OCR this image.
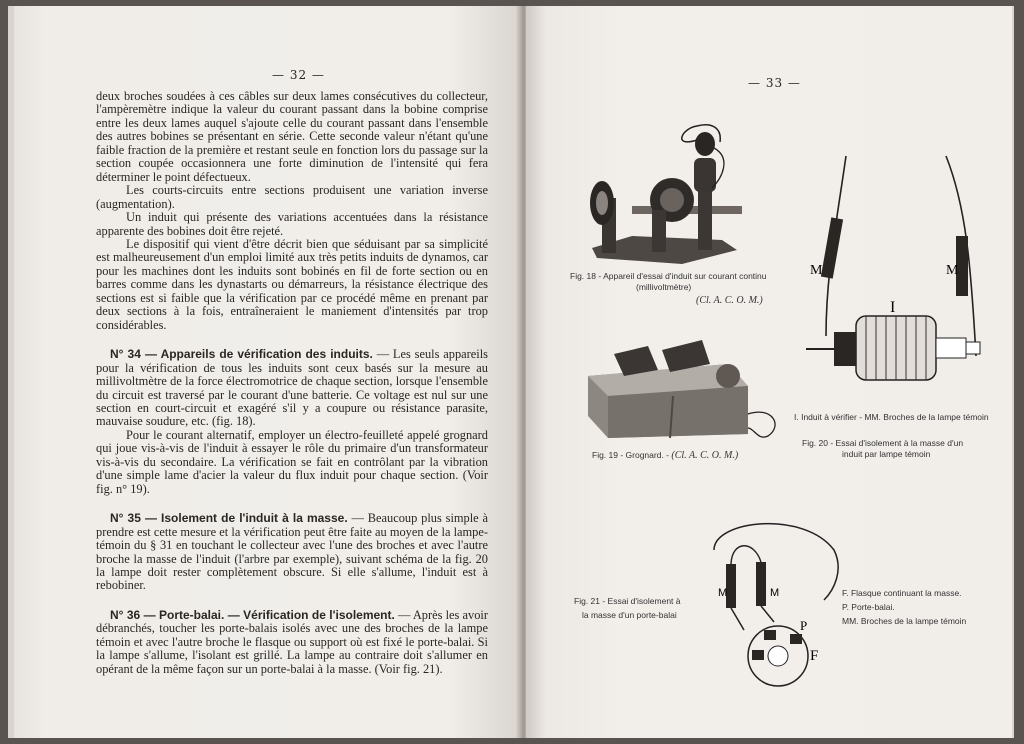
— 32 —

deux broches soudées à ces câbles sur deux lames consécutives du collecteur, l'ampèremètre indique la valeur du courant passant dans la bobine comprise entre les deux lames auquel s'ajoute celle du courant passant dans l'ensemble des autres bobines se présentant en série. Cette seconde valeur n'étant qu'une faible fraction de la première et restant seule en fonction lors du passage sur la section coupée occasionnera une forte diminution de l'intensité qui fera déterminer le point défectueux.

Les courts-circuits entre sections produisent une variation inverse (augmentation).

Un induit qui présente des variations accentuées dans la résistance apparente des bobines doit être rejeté.

Le dispositif qui vient d'être décrit bien que séduisant par sa simplicité est malheureusement d'un emploi limité aux très petits induits de dynamos, car pour les machines dont les induits sont bobinés en fil de forte section ou en barres comme dans les dynastarts ou démarreurs, la résistance électrique des sections est si faible que la vérification par ce procédé même en prenant par deux sections à la fois, entraîneraient le maniement d'intensités par trop considérables.

N° 34 — Appareils de vérification des induits. — Les seuls appareils pour la vérification de tous les induits sont ceux basés sur la mesure au millivoltmètre de la force électromotrice de chaque section, lorsque l'ensemble du circuit est traversé par le courant d'une batterie. Ce voltage est nul sur une section en court-circuit et exagéré s'il y a coupure ou résistance parasite, mauvaise soudure, etc. (fig. 18).

Pour le courant alternatif, employer un électro-feuilleté appelé grognard qui joue vis-à-vis de l'induit à essayer le rôle du primaire d'un transformateur vis-à-vis du secondaire. La vérification se fait en contrôlant par la vibration d'une simple lame d'acier la valeur du flux induit pour chaque section. (Voir fig. n° 19).

N° 35 — Isolement de l'induit à la masse. — Beaucoup plus simple à prendre est cette mesure et la vérification peut être faite au moyen de la lampe-témoin du § 31 en touchant le collecteur avec l'une des broches et avec l'autre broche la masse de l'induit (l'arbre par exemple), suivant schéma de la fig. 20 la lampe doit rester complètement obscure. Si elle s'allume, l'induit est à rebobiner.

N° 36 — Porte-balai. — Vérification de l'isolement. — Après les avoir débranchés, toucher les porte-balais isolés avec une des broches de la lampe témoin et avec l'autre broche le flasque ou support où est fixé le porte-balai. Si la lampe s'allume, l'isolant est grillé. La lampe au contraire doit s'allumer en opérant de la même façon sur un porte-balai à la masse. (Voir fig. 21).

— 33 —
Fig. 18 - Appareil d'essai d'induit sur courant continu
(millivoltmètre)
(Cl. A. C. O. M.)
Fig. 19 - Grognard. - (Cl. A. C. O. M.)
M	M
I
I. Induit à vérifier - MM. Broches de la lampe témoin
Fig. 20 - Essai d'isolement à la masse d'un
induit par lampe témoin
M	M
P
F
Fig. 21 - Essai d'isolement à
la masse d'un porte-balai
F. Flasque continuant la masse.
P. Porte-balai.
MM. Broches de la lampe témoin
